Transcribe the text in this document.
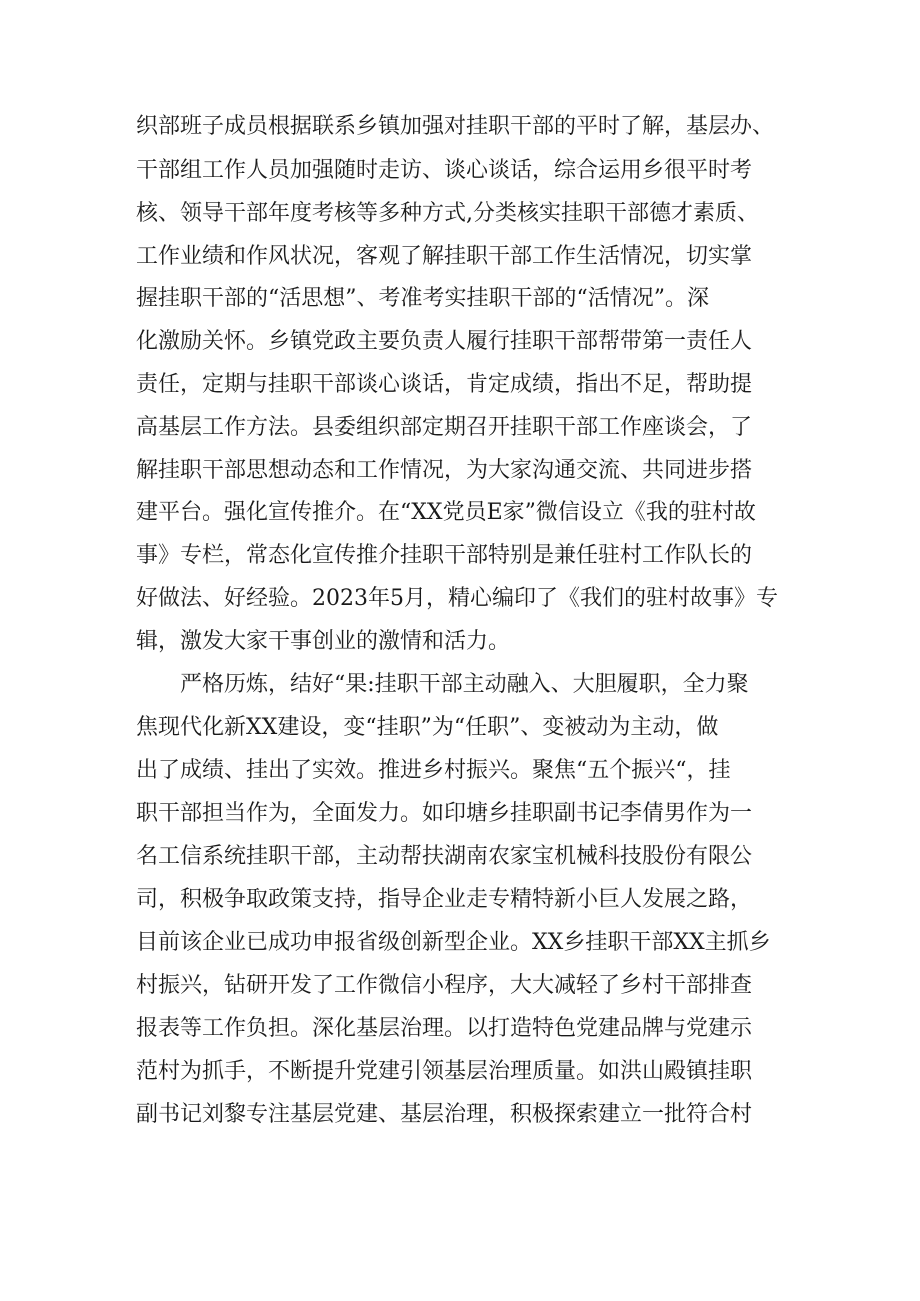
织部班子成员根据联系乡镇加强对挂职干部的平时了解，基层办、
干部组工作人员加强随时走访、谈心谈话，综合运用乡很平时考
核、领导干部年度考核等多种方式,分类核实挂职干部德才素质、
工作业绩和作风状况，客观了解挂职干部工作生活情况，切实掌
握挂职干部的“活思想”、考准考实挂职干部的“活情况”。深
化激励关怀。乡镇党政主要负责人履行挂职干部帮带第一责任人
责任，定期与挂职干部谈心谈话，肯定成绩，指出不足，帮助提
高基层工作方法。县委组织部定期召开挂职干部工作座谈会，了
解挂职干部思想动态和工作情况，为大家沟通交流、共同进步搭
建平台。强化宣传推介。在“XX党员E家”微信设立《我的驻村故
事》专栏，常态化宣传推介挂职干部特别是兼任驻村工作队长的
好做法、好经验。2023年5月，精心编印了《我们的驻村故事》专
辑，激发大家干事创业的激情和活力。
严格历炼，结好“果:挂职干部主动融入、大胆履职，全力聚
焦现代化新XX建设，变“挂职”为“任职”、变被动为主动，做
出了成绩、挂出了实效。推进乡村振兴。聚焦“五个振兴“，挂
职干部担当作为，全面发力。如印塘乡挂职副书记李倩男作为一
名工信系统挂职干部，主动帮扶湖南农家宝机械科技股份有限公
司，积极争取政策支持，指导企业走专精特新小巨人发展之路，
目前该企业已成功申报省级创新型企业。XX乡挂职干部XX主抓乡
村振兴，钻研开发了工作微信小程序，大大减轻了乡村干部排查
报表等工作负担。深化基层治理。以打造特色党建品牌与党建示
范村为抓手，不断提升党建引领基层治理质量。如洪山殿镇挂职
副书记刘黎专注基层党建、基层治理，积极探索建立一批符合村
